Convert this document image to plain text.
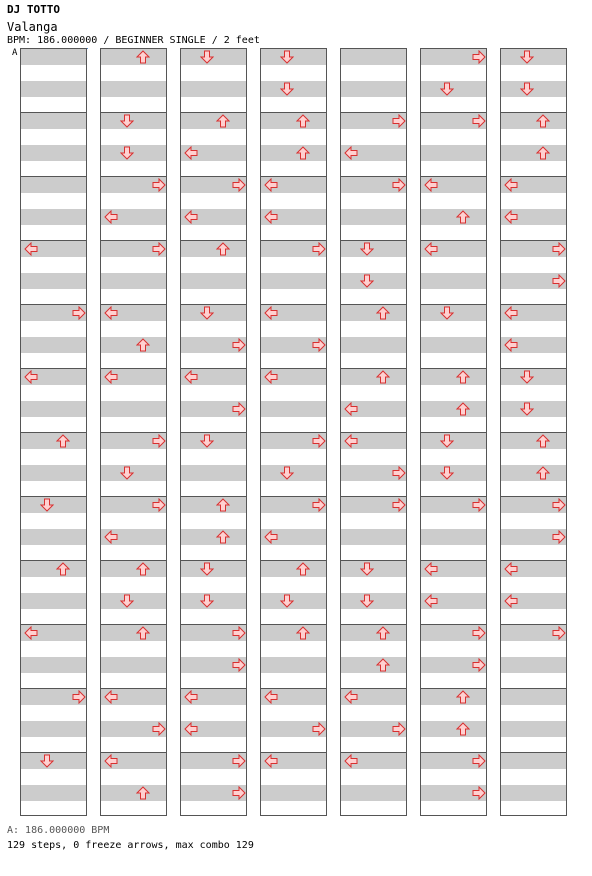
DJ TOTTO
Valanga
BPM: 186.000000 / BEGINNER SINGLE / 2 feet
A
A: 186.000000 BPM
129 steps, 0 freeze arrows, max combo 129
